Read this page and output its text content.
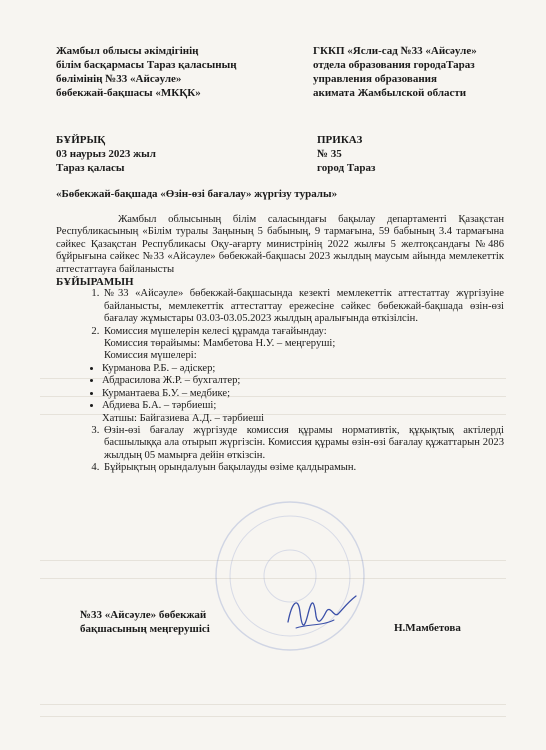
Жамбыл облысы әкімдігінің
білім басқармасы Тараз қаласының
бөлімінің №33 «Айсәуле»
бөбекжай-бақшасы «МКҚК»
ГККП «Ясли-сад №33 «Айсәуле»
отдела образования городаТараз
управления образования
акимата Жамбылской области
БҰЙРЫҚ
03 наурыз 2023 жыл
Тараз қаласы
ПРИКАЗ
№ 35
город Тараз
«Бөбекжай-бақшада «Өзін-өзі бағалау» жүргізу туралы»

Жамбыл облысының білім саласындағы бақылау департаменті Қазақстан Республикасының «Білім туралы Заңының 5 бабының, 9 тармағына, 59 бабының 3.4 тармағына сәйкес Қазақстан Республикасы Оқу-ағарту министрінің 2022 жылғы 5 желтоқсандағы №486 бұйрығына сәйкес №33 «Айсәуле» бөбекжай-бақшасы 2023 жылдың маусым айында мемлекеттік аттестаттауға байланысты

БҰЙЫРАМЫН

1. №33 «Айсәуле» бөбекжай-бақшасында кезекті мемлекеттік аттестаттау жүргізуіне байланысты, мемлекеттік аттестаттау ережесіне сәйкес бөбекжай-бақшада өзін-өзі бағалау жұмыстары 03.03-03.05.2023 жылдың аралығында өткізілсін.
2. Комиссия мүшелерін келесі құрамда тағайындау:
Комиссия төрайымы: Мамбетова Н.У. – меңгеруші;
Комиссия мүшелері:
• Курманова Р.Б. – әдіскер;
• Абдрасилова Ж.Р. – бухгалтер;
• Курмантаева Б.У. – медбике;
• Абдиева Б.А. – тәрбиеші;
Хатшы: Байгазиева А.Д. – тәрбиеші
3. Өзін-өзі бағалау жүргізуде комиссия құрамы нормативтік, құқықтық актілерді басшылыққа ала отырып жүргізсін. Комиссия құрамы өзін-өзі бағалау құжаттарын 2023 жылдың 05 мамырға дейін өткізсін.
4. Бұйрықтың орындалуын бақылауды өзіме қалдырамын.
№33 «Айсәуле» бөбекжай
бақшасының меңгерушісі	Н.Мамбетова
